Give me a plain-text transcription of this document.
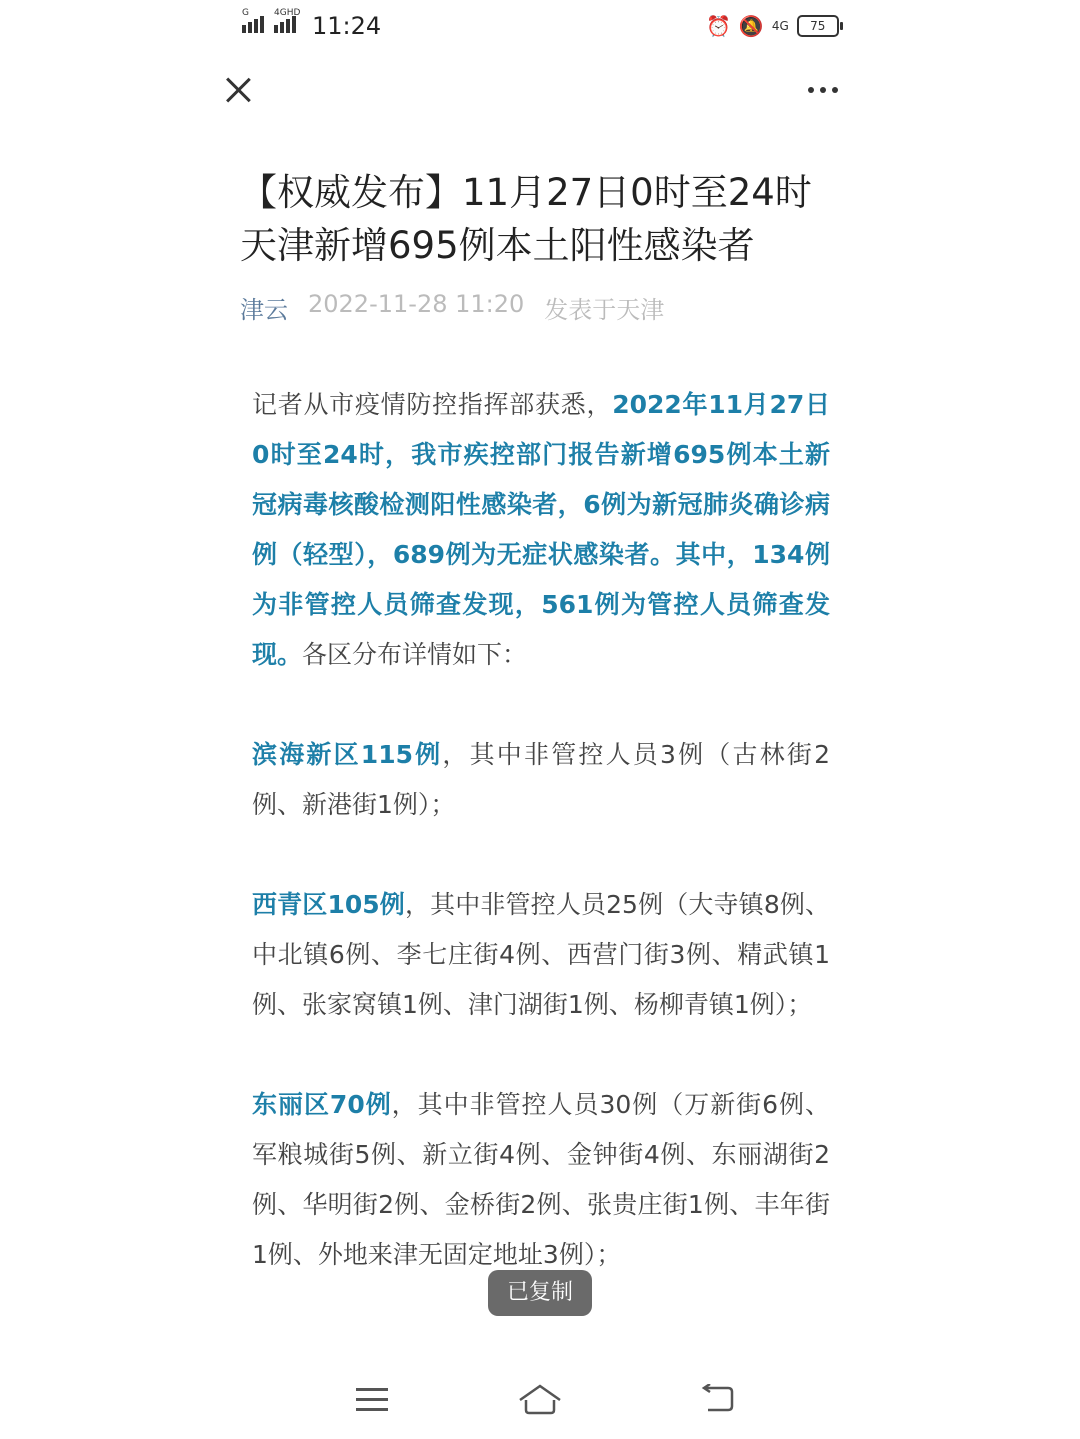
G	4GHD 11:24	⏰ 🔕 4G	75
【权威发布】11月27日0时至24时天津新增695例本土阳性感染者
津云 2022-11-28 11:20 发表于天津

记者从市疫情防控指挥部获悉，2022年11月27日0时至24时，我市疾控部门报告新增695例本土新冠病毒核酸检测阳性感染者，6例为新冠肺炎确诊病例（轻型），689例为无症状感染者。其中，134例为非管控人员筛查发现，561例为管控人员筛查发现。各区分布详情如下：

滨海新区115例，其中非管控人员3例（古林街2例、新港街1例）；

西青区105例，其中非管控人员25例（大寺镇8例、中北镇6例、李七庄街4例、西营门街3例、精武镇1例、张家窝镇1例、津门湖街1例、杨柳青镇1例）；

东丽区70例，其中非管控人员30例（万新街6例、军粮城街5例、新立街4例、金钟街4例、东丽湖街2例、华明街2例、金桥街2例、张贵庄街1例、丰年街1例、外地来津无固定地址3例）；

已复制
